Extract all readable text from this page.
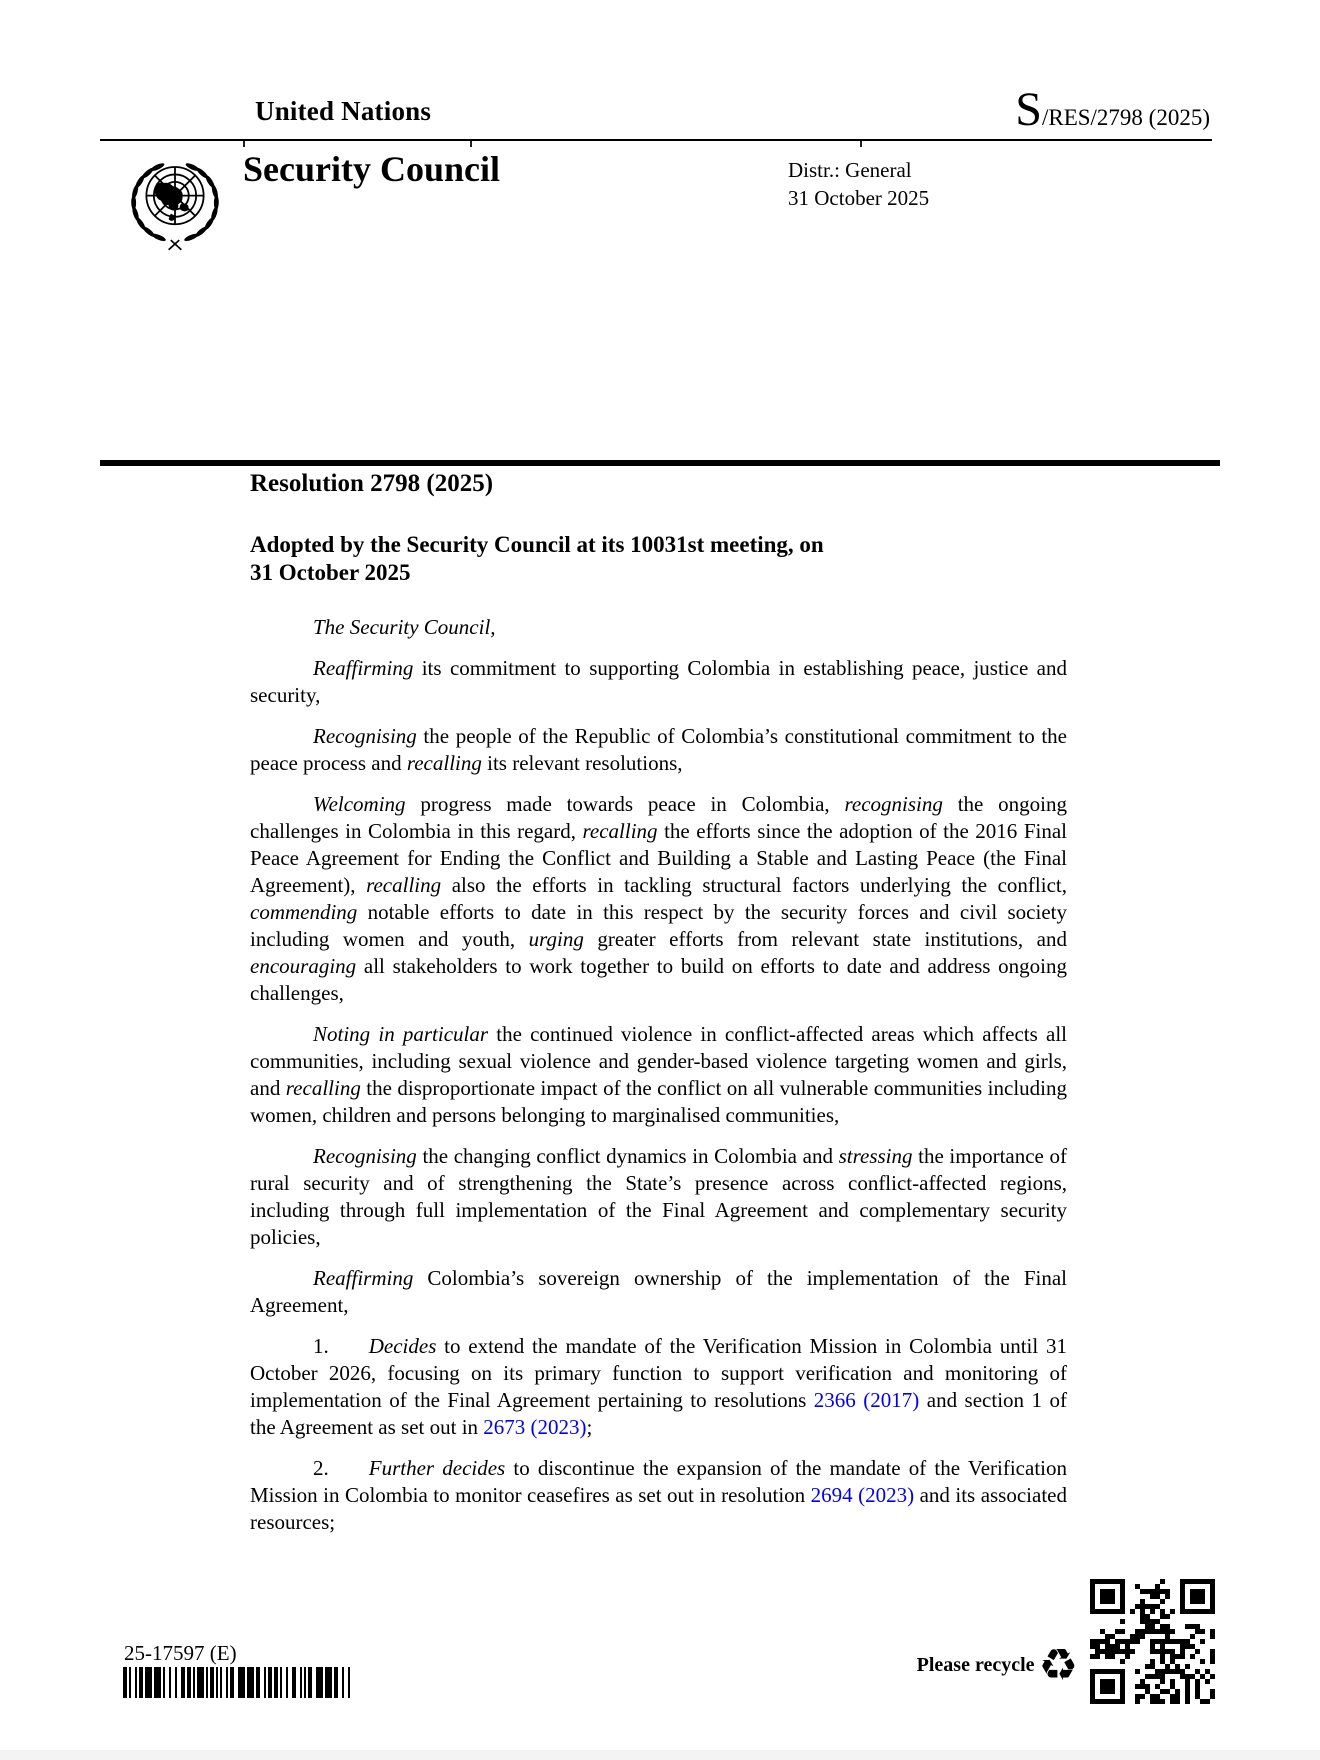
United Nations	S /RES/2798 (2025)
Security Council	Distr.: General
31 October 2025
Resolution 2798 (2025)
Adopted by the Security Council at its 10031st meeting, on
31 October 2025

The Security Council,

Reaffirming its commitment to supporting Colombia in establishing peace, justice and security,

Recognising the people of the Republic of Colombia’s constitutional commitment to the peace process and recalling its relevant resolutions,

Welcoming progress made towards peace in Colombia, recognising the ongoing challenges in Colombia in this regard, recalling the efforts since the adoption of the 2016 Final Peace Agreement for Ending the Conflict and Building a Stable and Lasting Peace (the Final Agreement), recalling also the efforts in tackling structural factors underlying the conflict, commending notable efforts to date in this respect by the security forces and civil society including women and youth, urging greater efforts from relevant state institutions, and encouraging all stakeholders to work together to build on efforts to date and address ongoing challenges,

Noting in particular the continued violence in conflict-affected areas which affects all communities, including sexual violence and gender-based violence targeting women and girls, and recalling the disproportionate impact of the conflict on all vulnerable communities including women, children and persons belonging to marginalised communities,

Recognising the changing conflict dynamics in Colombia and stressing the importance of rural security and of strengthening the State’s presence across conflict-affected regions, including through full implementation of the Final Agreement and complementary security policies,

Reaffirming Colombia’s sovereign ownership of the implementation of the Final Agreement,

1. Decides to extend the mandate of the Verification Mission in Colombia until 31 October 2026, focusing on its primary function to support verification and monitoring of implementation of the Final Agreement pertaining to resolutions 2366 (2017) and section 1 of the Agreement as set out in 2673 (2023);

2. Further decides to discontinue the expansion of the mandate of the Verification Mission in Colombia to monitor ceasefires as set out in resolution 2694 (2023) and its associated resources;

25-17597 (E)	Please recycle ♻
